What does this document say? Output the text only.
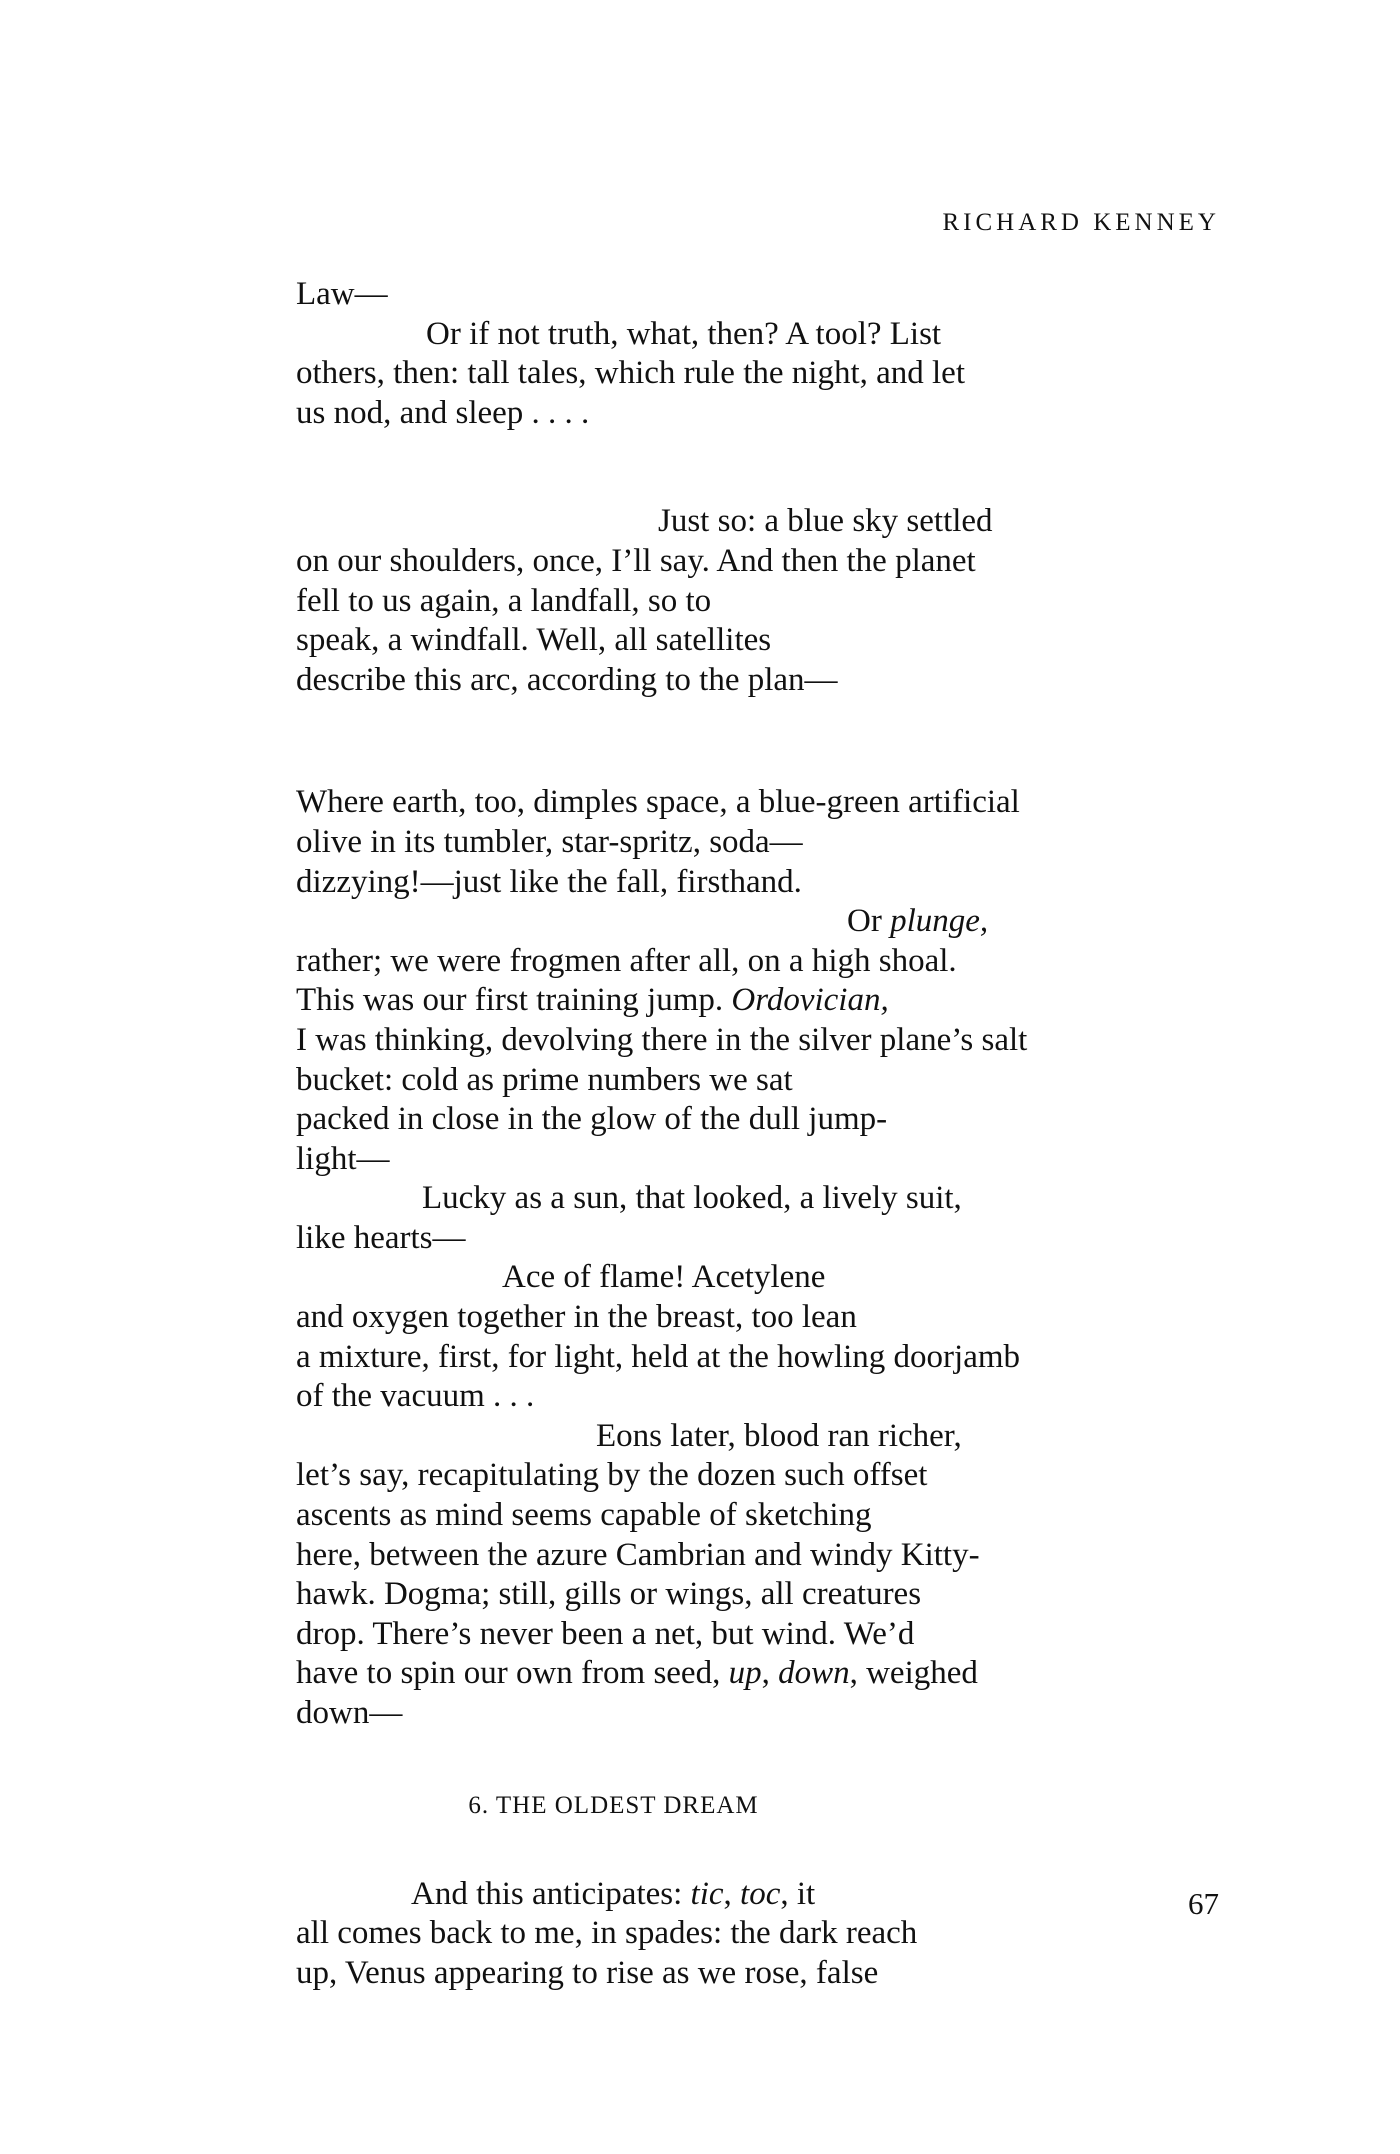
RICHARD KENNEY
Law—
Or if not truth, what, then? A tool? List
others, then: tall tales, which rule the night, and let
us nod, and sleep . . . .
Just so: a blue sky settled
on our shoulders, once, I’ll say. And then the planet
fell to us again, a landfall, so to
speak, a windfall. Well, all satellites
describe this arc, according to the plan—
Where earth, too, dimples space, a blue-green artificial
olive in its tumbler, star-spritz, soda—
dizzying!—just like the fall, firsthand.
Or plunge,
rather; we were frogmen after all, on a high shoal.
This was our first training jump. Ordovician,
I was thinking, devolving there in the silver plane’s salt
bucket: cold as prime numbers we sat
packed in close in the glow of the dull jump-
light—
Lucky as a sun, that looked, a lively suit,
like hearts—
Ace of flame! Acetylene
and oxygen together in the breast, too lean
a mixture, first, for light, held at the howling doorjamb
of the vacuum . . .
Eons later, blood ran richer,
let’s say, recapitulating by the dozen such offset
ascents as mind seems capable of sketching
here, between the azure Cambrian and windy Kitty-
hawk. Dogma; still, gills or wings, all creatures
drop. There’s never been a net, but wind. We’d
have to spin our own from seed, up, down, weighed
down—
6. THE OLDEST DREAM
And this anticipates: tic, toc, it
all comes back to me, in spades: the dark reach
up, Venus appearing to rise as we rose, false
67
